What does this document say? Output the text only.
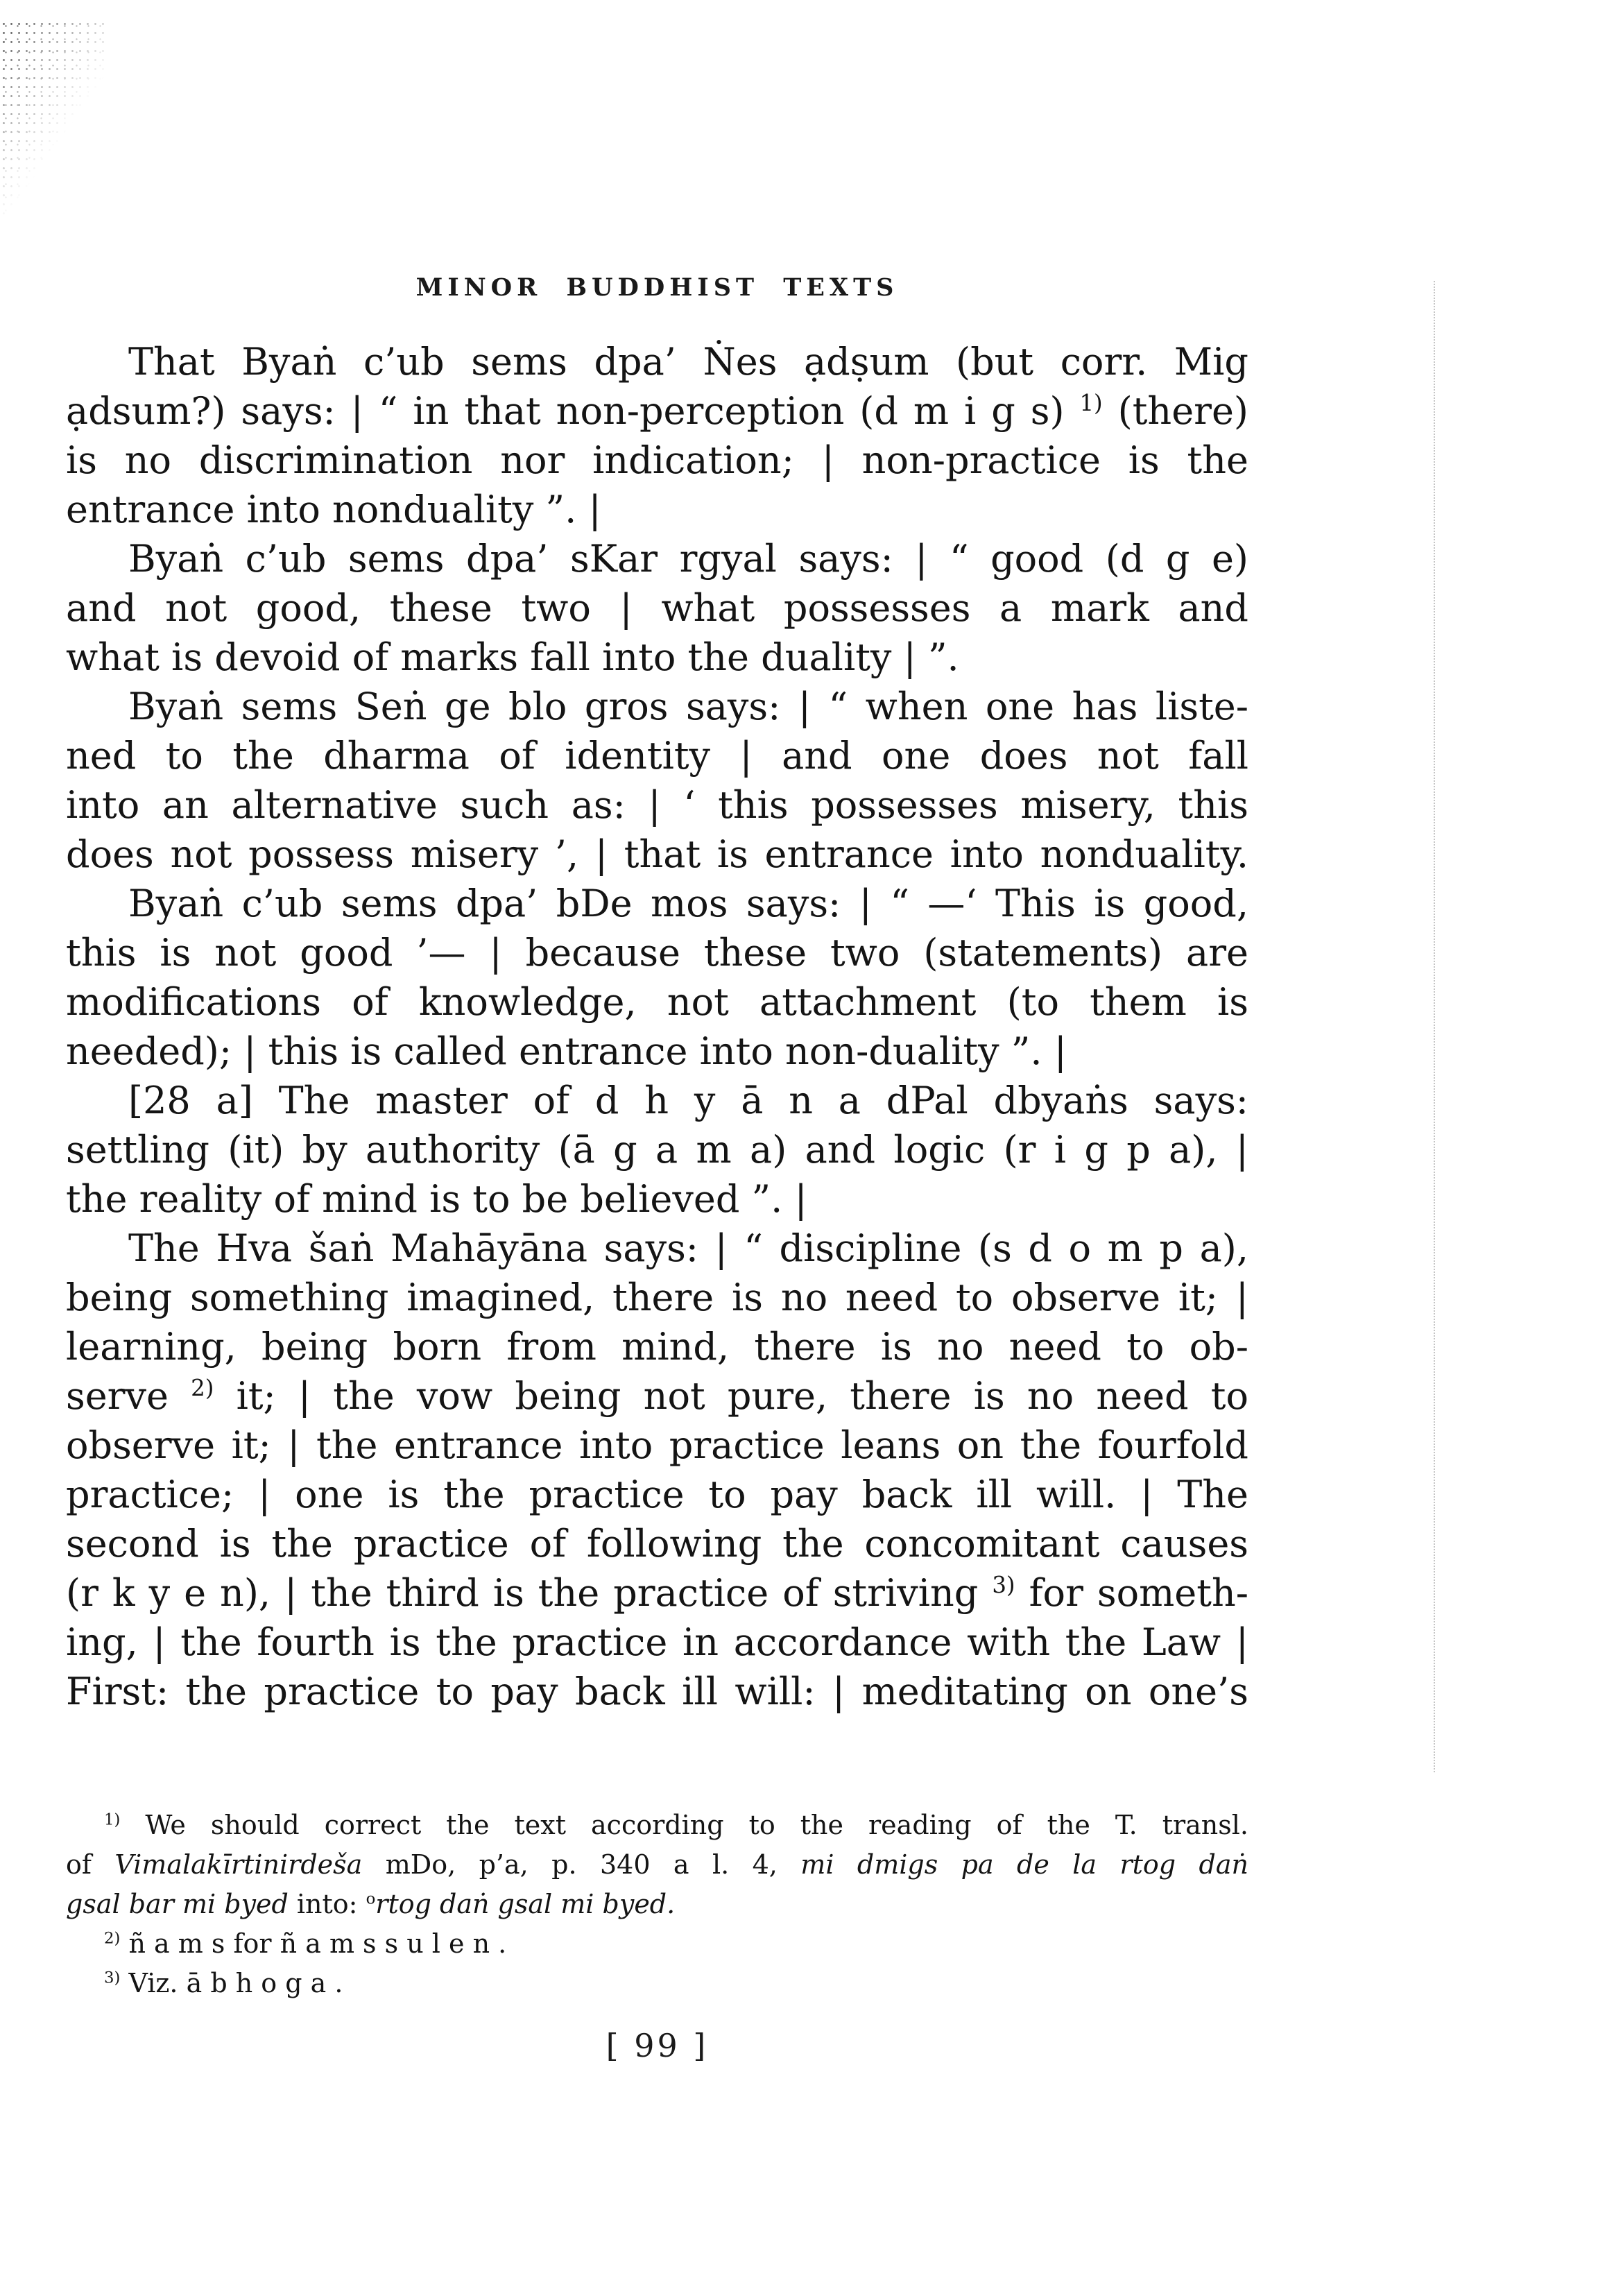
MINOR BUDDHIST TEXTS
That Byaṅ c’ub sems dpa’ Ṅes ạdṣum (but corr. Mig
ạdsum?) says: | “ in that non-perception (d m i g s) $^{1)}$ (there)
is no discrimination nor indication; | non-practice is the
entrance into nonduality ”. |
Byaṅ c’ub sems dpa’ sKar rgyal says: | “ good (d g e)
and not good, these two | what possesses a mark and
what is devoid of marks fall into the duality | ”.
Byaṅ sems Seṅ ge blo gros says: | “ when one has liste-
ned to the dharma of identity | and one does not fall
into an alternative such as: | ‘ this possesses misery, this
does not possess misery ’, | that is entrance into nonduality.
Byaṅ c’ub sems dpa’ bDe mos says: | “ —‘ This is good,
this is not good ’— | because these two (statements) are
modifications of knowledge, not attachment (to them is
needed); | this is called entrance into non-duality ”. |
[28 a] The master of d h y ā n a dPal dbyaṅs says:
settling (it) by authority (ā g a m a) and logic (r i g p a), |
the reality of mind is to be believed ”. |
The Hva šaṅ Mahāyāna says: | “ discipline (s d o m p a),
being something imagined, there is no need to observe it; |
learning, being born from mind, there is no need to ob-
serve $^{2)}$ it; | the vow being not pure, there is no need to
observe it; | the entrance into practice leans on the fourfold
practice; | one is the practice to pay back ill will. | The
second is the practice of following the concomitant causes
(r k y e n), | the third is the practice of striving $^{3)}$ for someth-
ing, | the fourth is the practice in accordance with the Law |
First: the practice to pay back ill will: | meditating on one’s
$^{1)}$ We should correct the text according to the reading of the T. transl.
of Vimalakīrtinirdeša mDo, p’a, p. 340 a l. 4, mi dmigs pa de la rtog daṅ
gsal bar mi byed into: $^o$rtog daṅ gsal mi byed.
$^{2)}$ ñ a m s for ñ a m s s u l e n .
$^{3)}$ Viz. ā b h o g a .
[ 99 ]
